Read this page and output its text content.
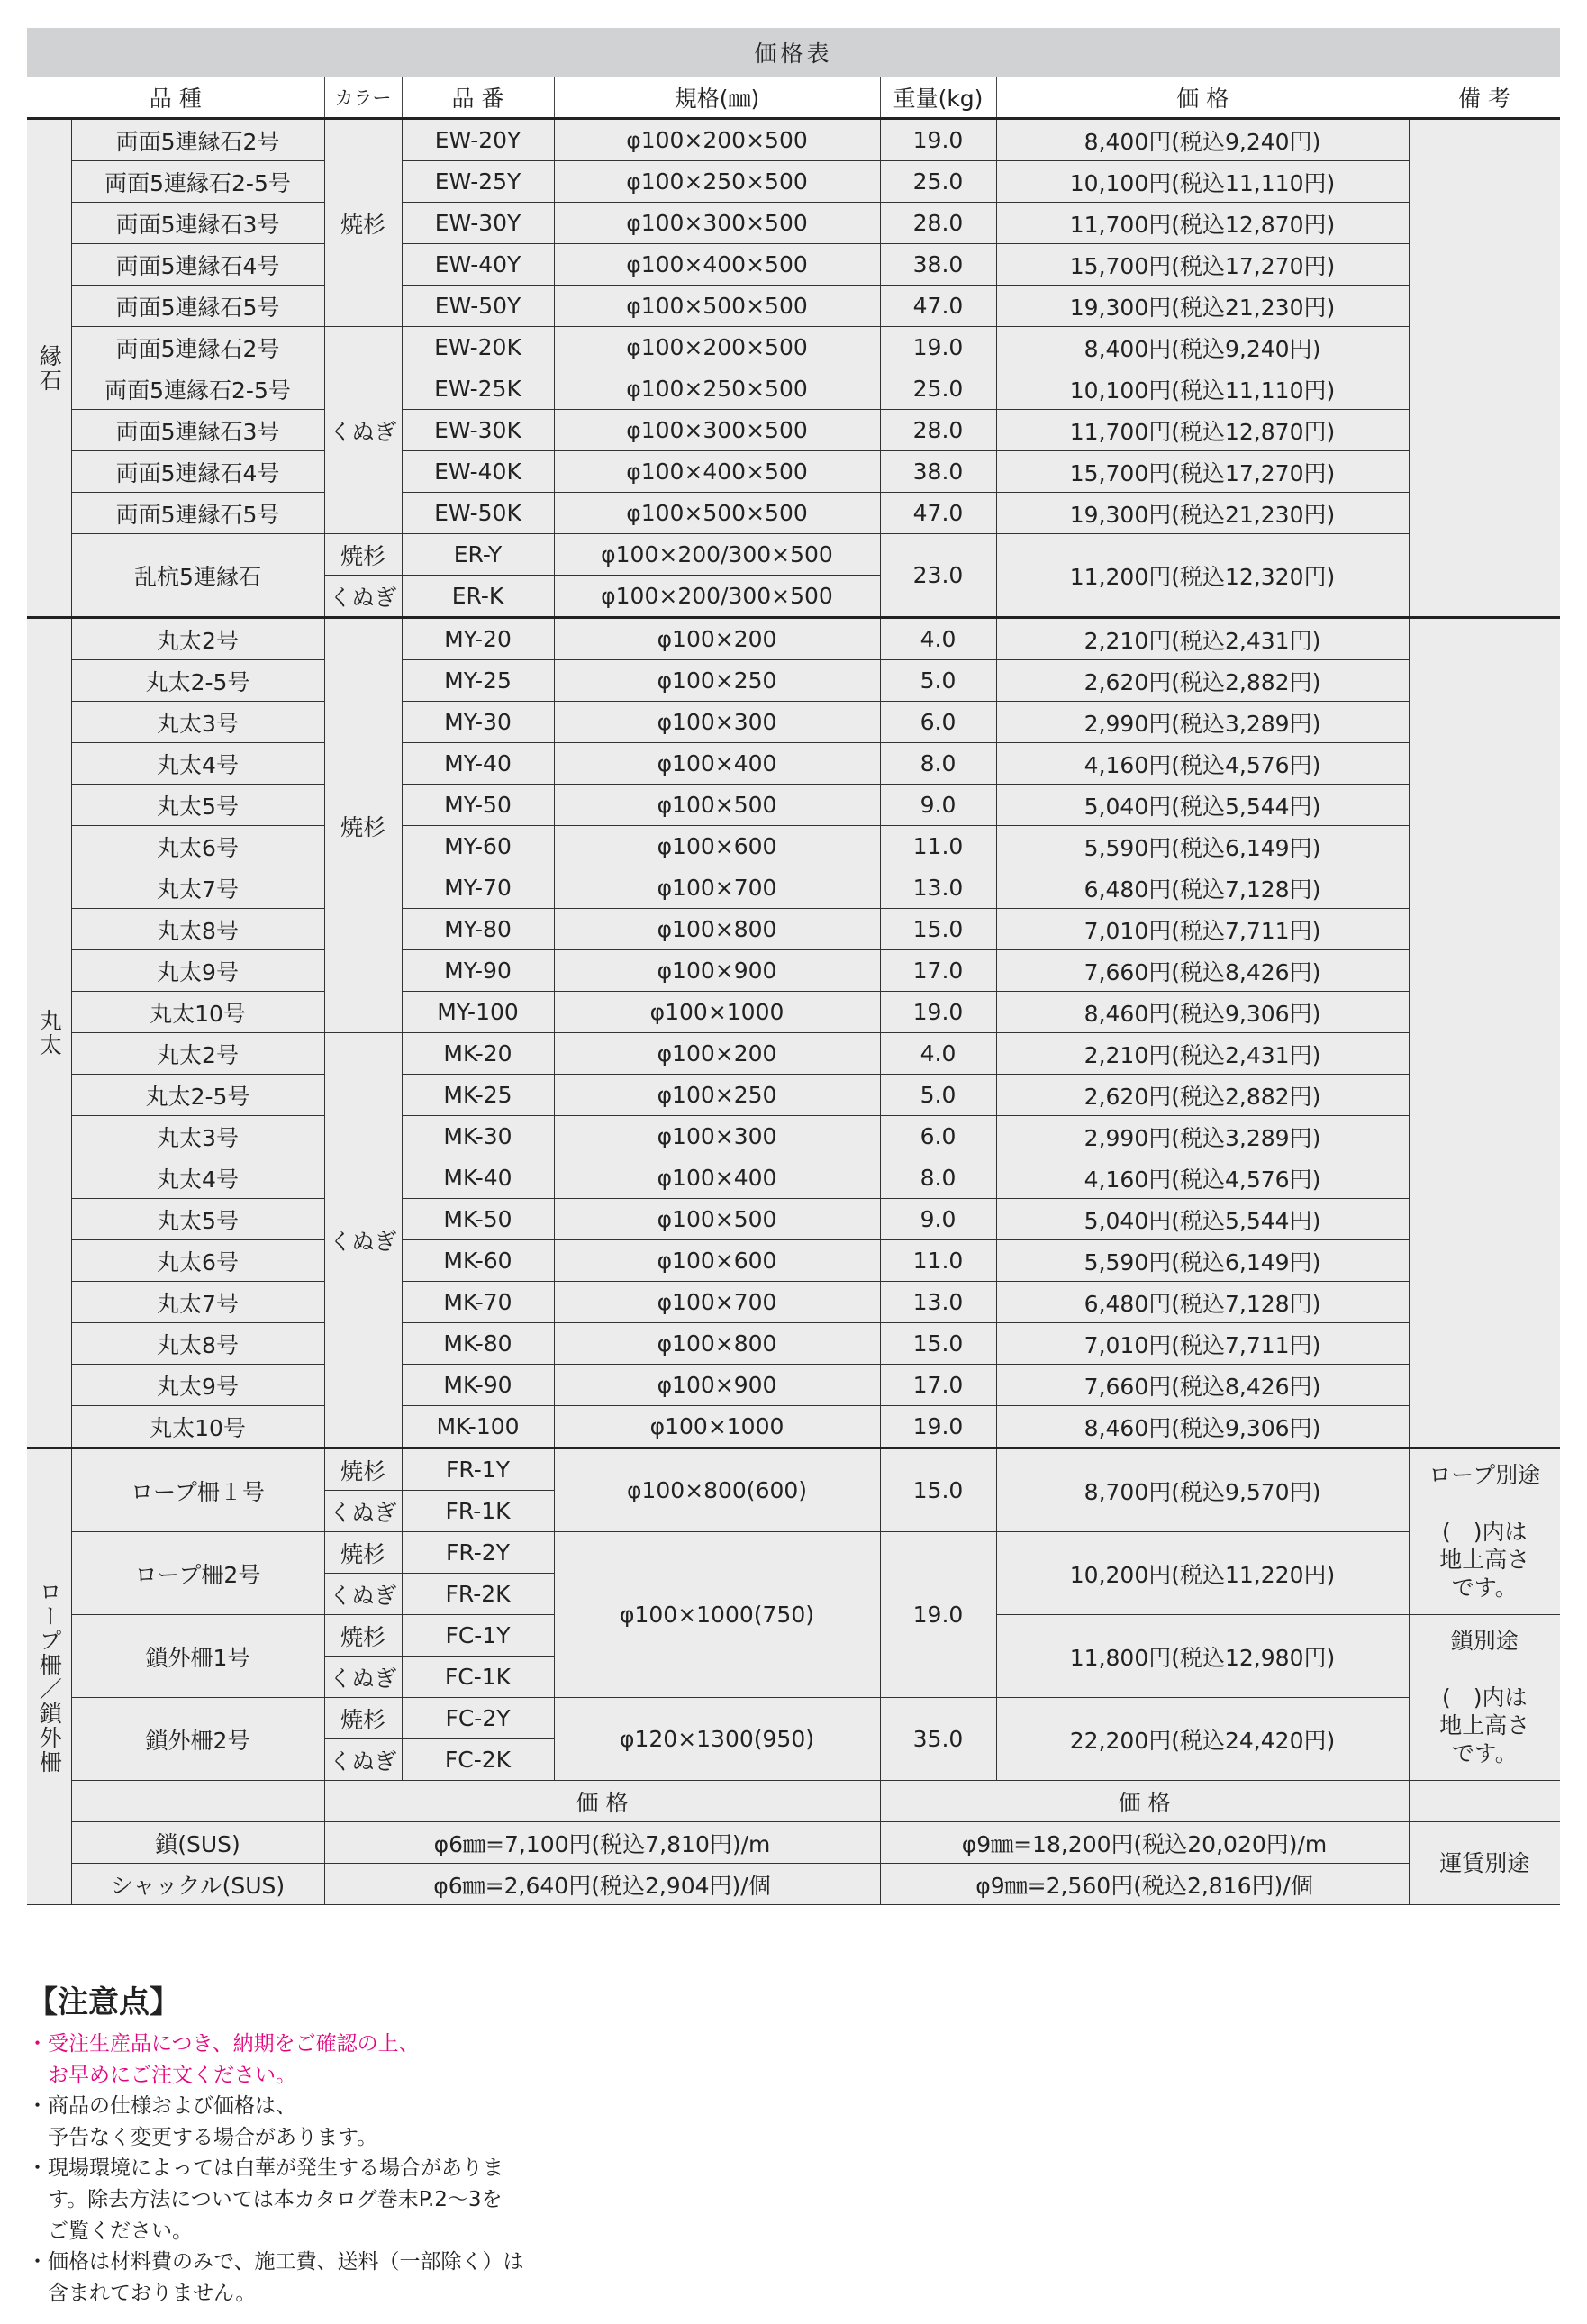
価格表							
品 種		カラー	品 番	規格(㎜)	重量(kg)	価 格	備 考
縁石	両面5連縁石2号	焼杉	EW-20Y	φ100×200×500	19.0	8,400円(税込9,240円)	
	両面5連縁石2-5号		EW-25Y	φ100×250×500	25.0	10,100円(税込11,110円)	
	両面5連縁石3号		EW-30Y	φ100×300×500	28.0	11,700円(税込12,870円)	
	両面5連縁石4号		EW-40Y	φ100×400×500	38.0	15,700円(税込17,270円)	
	両面5連縁石5号		EW-50Y	φ100×500×500	47.0	19,300円(税込21,230円)	
	両面5連縁石2号	くぬぎ	EW-20K	φ100×200×500	19.0	8,400円(税込9,240円)	
	両面5連縁石2-5号		EW-25K	φ100×250×500	25.0	10,100円(税込11,110円)	
	両面5連縁石3号		EW-30K	φ100×300×500	28.0	11,700円(税込12,870円)	
	両面5連縁石4号		EW-40K	φ100×400×500	38.0	15,700円(税込17,270円)	
	両面5連縁石5号		EW-50K	φ100×500×500	47.0	19,300円(税込21,230円)	
	乱杭5連縁石	焼杉	ER-Y	φ100×200/300×500	23.0	11,200円(税込12,320円)	
		くぬぎ	ER-K	φ100×200/300×500			
丸太	丸太2号	焼杉	MY-20	φ100×200	4.0	2,210円(税込2,431円)	
	丸太2-5号		MY-25	φ100×250	5.0	2,620円(税込2,882円)	
	丸太3号		MY-30	φ100×300	6.0	2,990円(税込3,289円)	
	丸太4号		MY-40	φ100×400	8.0	4,160円(税込4,576円)	
	丸太5号		MY-50	φ100×500	9.0	5,040円(税込5,544円)	
	丸太6号		MY-60	φ100×600	11.0	5,590円(税込6,149円)	
	丸太7号		MY-70	φ100×700	13.0	6,480円(税込7,128円)	
	丸太8号		MY-80	φ100×800	15.0	7,010円(税込7,711円)	
	丸太9号		MY-90	φ100×900	17.0	7,660円(税込8,426円)	
	丸太10号		MY-100	φ100×1000	19.0	8,460円(税込9,306円)	
	丸太2号	くぬぎ	MK-20	φ100×200	4.0	2,210円(税込2,431円)	
	丸太2-5号		MK-25	φ100×250	5.0	2,620円(税込2,882円)	
	丸太3号		MK-30	φ100×300	6.0	2,990円(税込3,289円)	
	丸太4号		MK-40	φ100×400	8.0	4,160円(税込4,576円)	
	丸太5号		MK-50	φ100×500	9.0	5,040円(税込5,544円)	
	丸太6号		MK-60	φ100×600	11.0	5,590円(税込6,149円)	
	丸太7号		MK-70	φ100×700	13.0	6,480円(税込7,128円)	
	丸太8号		MK-80	φ100×800	15.0	7,010円(税込7,711円)	
	丸太9号		MK-90	φ100×900	17.0	7,660円(税込8,426円)	
	丸太10号		MK-100	φ100×1000	19.0	8,460円(税込9,306円)	
ロープ柵／鎖外柵	ロープ柵１号	焼杉	FR-1Y	φ100×800(600)	15.0	8,700円(税込9,570円)	ロープ別途

(　)内は
地上高さ
です。
		くぬぎ	FR-1K				
	ロープ柵2号	焼杉	FR-2Y	φ100×1000(750)	19.0	10,200円(税込11,220円)	
		くぬぎ	FR-2K				
	鎖外柵1号	焼杉	FC-1Y			11,800円(税込12,980円)	鎖別途

(　)内は
地上高さ
です。
		くぬぎ	FC-1K				
	鎖外柵2号	焼杉	FC-2Y	φ120×1300(950)	35.0	22,200円(税込24,420円)	
		くぬぎ	FC-2K				
		価 格			価 格		
	鎖(SUS)	φ6㎜=7,100円(税込7,810円)/m			φ9㎜=18,200円(税込20,020円)/m		運賃別途
	シャックル(SUS)	φ6㎜=2,640円(税込2,904円)/個			φ9㎜=2,560円(税込2,816円)/個		
【注意点】

・受注生産品につき、納期をご確認の上、

　お早めにご注文ください。

・商品の仕様および価格は、

　予告なく変更する場合があります。

・現場環境によっては白華が発生する場合がありま

　す。除去方法については本カタログ巻末P.2～3を

　ご覧ください。

・価格は材料費のみで、施工費、送料（一部除く）は

　含まれておりません。
